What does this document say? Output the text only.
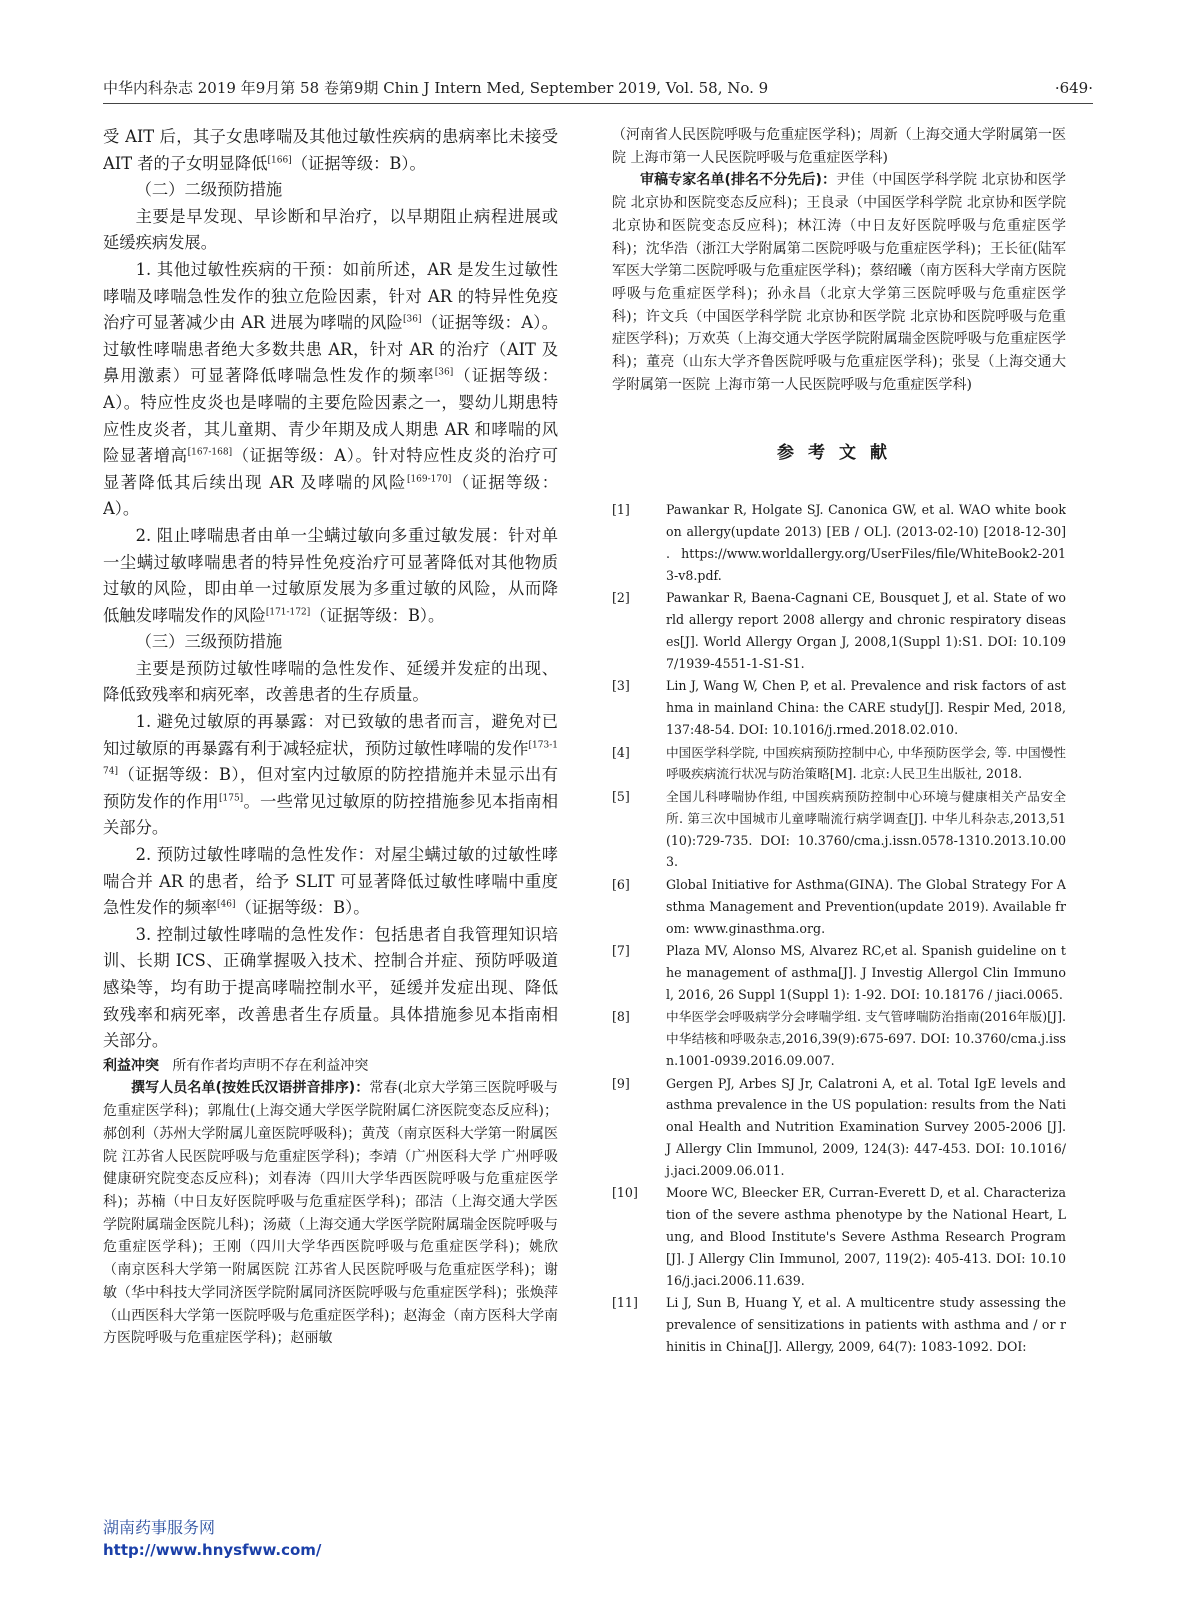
中华内科杂志 2019 年9月第 58 卷第9期 Chin J Intern Med, September 2019, Vol. 58, No. 9	·649·

受 AIT 后，其子女患哮喘及其他过敏性疾病的患病率比未接受 AIT 者的子女明显降低[166]（证据等级：B）。

（二）二级预防措施

主要是早发现、早诊断和早治疗，以早期阻止病程进展或延缓疾病发展。

1. 其他过敏性疾病的干预：如前所述，AR 是发生过敏性哮喘及哮喘急性发作的独立危险因素，针对 AR 的特异性免疫治疗可显著减少由 AR 进展为哮喘的风险[36]（证据等级：A）。过敏性哮喘患者绝大多数共患 AR，针对 AR 的治疗（AIT 及鼻用激素）可显著降低哮喘急性发作的频率[36]（证据等级：A）。特应性皮炎也是哮喘的主要危险因素之一，婴幼儿期患特应性皮炎者，其儿童期、青少年期及成人期患 AR 和哮喘的风险显著增高[167-168]（证据等级：A）。针对特应性皮炎的治疗可显著降低其后续出现 AR 及哮喘的风险[169-170]（证据等级：A）。

2. 阻止哮喘患者由单一尘螨过敏向多重过敏发展：针对单一尘螨过敏哮喘患者的特异性免疫治疗可显著降低对其他物质过敏的风险，即由单一过敏原发展为多重过敏的风险，从而降低触发哮喘发作的风险[171-172]（证据等级：B）。

（三）三级预防措施

主要是预防过敏性哮喘的急性发作、延缓并发症的出现、降低致残率和病死率，改善患者的生存质量。

1. 避免过敏原的再暴露：对已致敏的患者而言，避免对已知过敏原的再暴露有利于减轻症状，预防过敏性哮喘的发作[173-174]（证据等级：B），但对室内过敏原的防控措施并未显示出有预防发作的作用[175]。一些常见过敏原的防控措施参见本指南相关部分。

2. 预防过敏性哮喘的急性发作：对屋尘螨过敏的过敏性哮喘合并 AR 的患者，给予 SLIT 可显著降低过敏性哮喘中重度急性发作的频率[46]（证据等级：B）。

3. 控制过敏性哮喘的急性发作：包括患者自我管理知识培训、长期 ICS、正确掌握吸入技术、控制合并症、预防呼吸道感染等，均有助于提高哮喘控制水平，延缓并发症出现、降低致残率和病死率，改善患者生存质量。具体措施参见本指南相关部分。

利益冲突 所有作者均声明不存在利益冲突

撰写人员名单(按姓氏汉语拼音排序)：常春(北京大学第三医院呼吸与危重症医学科)；郭胤仕(上海交通大学医学院附属仁济医院变态反应科)；郝创利（苏州大学附属儿童医院呼吸科)；黄茂（南京医科大学第一附属医院 江苏省人民医院呼吸与危重症医学科)；李靖（广州医科大学 广州呼吸健康研究院变态反应科)；刘春涛（四川大学华西医院呼吸与危重症医学科)；苏楠（中日友好医院呼吸与危重症医学科)；邵洁（上海交通大学医学院附属瑞金医院儿科)；汤葳（上海交通大学医学院附属瑞金医院呼吸与危重症医学科)；王刚（四川大学华西医院呼吸与危重症医学科)；姚欣（南京医科大学第一附属医院 江苏省人民医院呼吸与危重症医学科)；谢敏（华中科技大学同济医学院附属同济医院呼吸与危重症医学科)；张焕萍（山西医科大学第一医院呼吸与危重症医学科)；赵海金（南方医科大学南方医院呼吸与危重症医学科)；赵丽敏

（河南省人民医院呼吸与危重症医学科)；周新（上海交通大学附属第一医院 上海市第一人民医院呼吸与危重症医学科)

审稿专家名单(排名不分先后)：尹佳（中国医学科学院 北京协和医学院 北京协和医院变态反应科)；王良录（中国医学科学院 北京协和医学院 北京协和医院变态反应科)；林江涛（中日友好医院呼吸与危重症医学科)；沈华浩（浙江大学附属第二医院呼吸与危重症医学科)；王长征(陆军军医大学第二医院呼吸与危重症医学科)；蔡绍曦（南方医科大学南方医院呼吸与危重症医学科)；孙永昌（北京大学第三医院呼吸与危重症医学科)；许文兵（中国医学科学院 北京协和医学院 北京协和医院呼吸与危重症医学科)；万欢英（上海交通大学医学院附属瑞金医院呼吸与危重症医学科)；董亮（山东大学齐鲁医院呼吸与危重症医学科)；张旻（上海交通大学附属第一医院 上海市第一人民医院呼吸与危重症医学科)

参考文献
[1]	Pawankar R, Holgate SJ. Canonica GW, et al. WAO white book on allergy(update 2013) [EB / OL]. (2013-02-10) [2018-12-30] . https://www.worldallergy.org/UserFiles/file/WhiteBook2-2013-v8.pdf.
[2]	Pawankar R, Baena-Cagnani CE, Bousquet J, et al. State of world allergy report 2008 allergy and chronic respiratory diseases[J]. World Allergy Organ J, 2008,1(Suppl 1):S1. DOI: 10.1097/1939-4551-1-S1-S1.
[3]	Lin J, Wang W, Chen P, et al. Prevalence and risk factors of asthma in mainland China: the CARE study[J]. Respir Med, 2018,137:48-54. DOI: 10.1016/j.rmed.2018.02.010.
[4]	中国医学科学院, 中国疾病预防控制中心, 中华预防医学会, 等. 中国慢性呼吸疾病流行状况与防治策略[M]. 北京:人民卫生出版社, 2018.
[5]	全国儿科哮喘协作组, 中国疾病预防控制中心环境与健康相关产品安全所. 第三次中国城市儿童哮喘流行病学调查[J]. 中华儿科杂志,2013,51(10):729-735. DOI: 10.3760/cma.j.issn.0578-1310.2013.10.003.
[6]	Global Initiative for Asthma(GINA). The Global Strategy For Asthma Management and Prevention(update 2019). Available from: www.ginasthma.org.
[7]	Plaza MV, Alonso MS, Alvarez RC,et al. Spanish guideline on the management of asthma[J]. J Investig Allergol Clin Immunol, 2016, 26 Suppl 1(Suppl 1): 1-92. DOI: 10.18176 / jiaci.0065.
[8]	中华医学会呼吸病学分会哮喘学组. 支气管哮喘防治指南(2016年版)[J]. 中华结核和呼吸杂志,2016,39(9):675-697. DOI: 10.3760/cma.j.issn.1001-0939.2016.09.007.
[9]	Gergen PJ, Arbes SJ Jr, Calatroni A, et al. Total IgE levels and asthma prevalence in the US population: results from the National Health and Nutrition Examination Survey 2005-2006 [J]. J Allergy Clin Immunol, 2009, 124(3): 447-453. DOI: 10.1016/j.jaci.2009.06.011.
[10]	Moore WC, Bleecker ER, Curran-Everett D, et al. Characterization of the severe asthma phenotype by the National Heart, Lung, and Blood Institute's Severe Asthma Research Program[J]. J Allergy Clin Immunol, 2007, 119(2): 405-413. DOI: 10.1016/j.jaci.2006.11.639.
[11]	Li J, Sun B, Huang Y, et al. A multicentre study assessing the prevalence of sensitizations in patients with asthma and / or rhinitis in China[J]. Allergy, 2009, 64(7): 1083-1092. DOI:
湖南药事服务网
http://www.hnysfww.com/
